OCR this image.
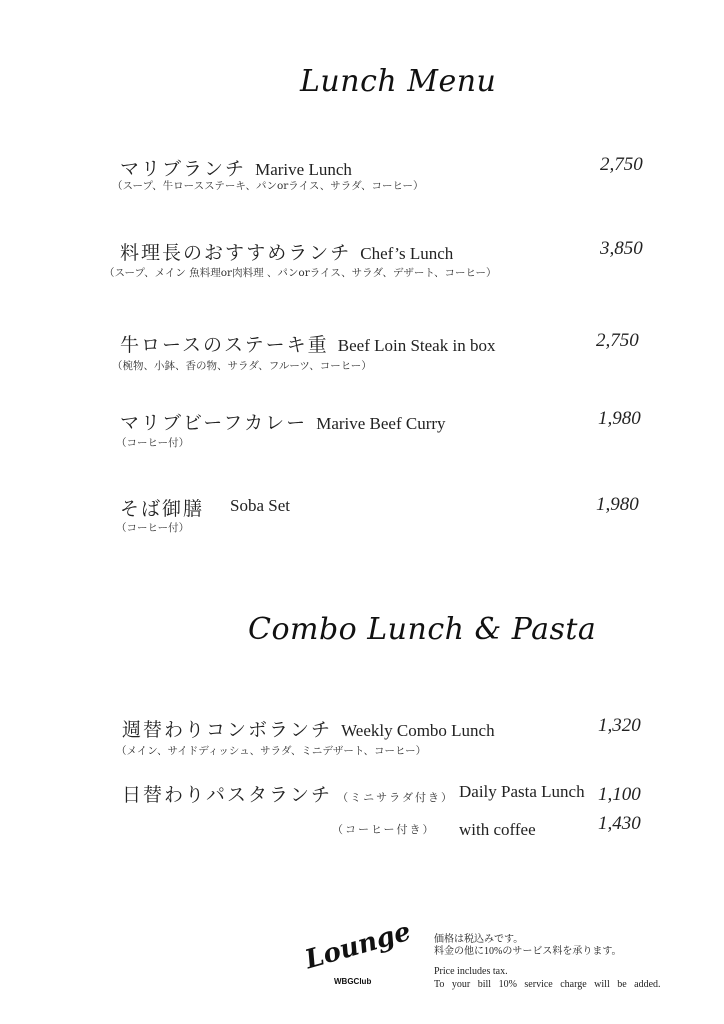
Lunch Menu
マリブランチ Marive Lunch
（スープ、牛ロースステーキ、パンorライス、サラダ、コーヒー）
2,750
料理長のおすすめランチ Chef’s Lunch
（スープ、メイン 魚料理or肉料理 、パンorライス、サラダ、デザート、コーヒー）
3,850
牛ロースのステーキ重 Beef Loin Steak in box
（椀物、小鉢、香の物、サラダ、フルーツ、コーヒー）
2,750
マリブビーフカレー Marive Beef Curry
（コーヒー付）
1,980
そば御膳 Soba Set
（コーヒー付）
1,980
Combo Lunch & Pasta
週替わりコンボランチ Weekly Combo Lunch
（メイン、サイドディッシュ、サラダ、ミニデザート、コーヒー）
1,320
日替わりパスタランチ （ミニサラダ付き） Daily Pasta Lunch 1,100
（コーヒー付き） with coffee	1,430
Lounge
WBGClub
価格は税込みです。
料金の他に10%のサービス料を承ります。
Price includes tax.
To your bill 10% service charge will be added.
